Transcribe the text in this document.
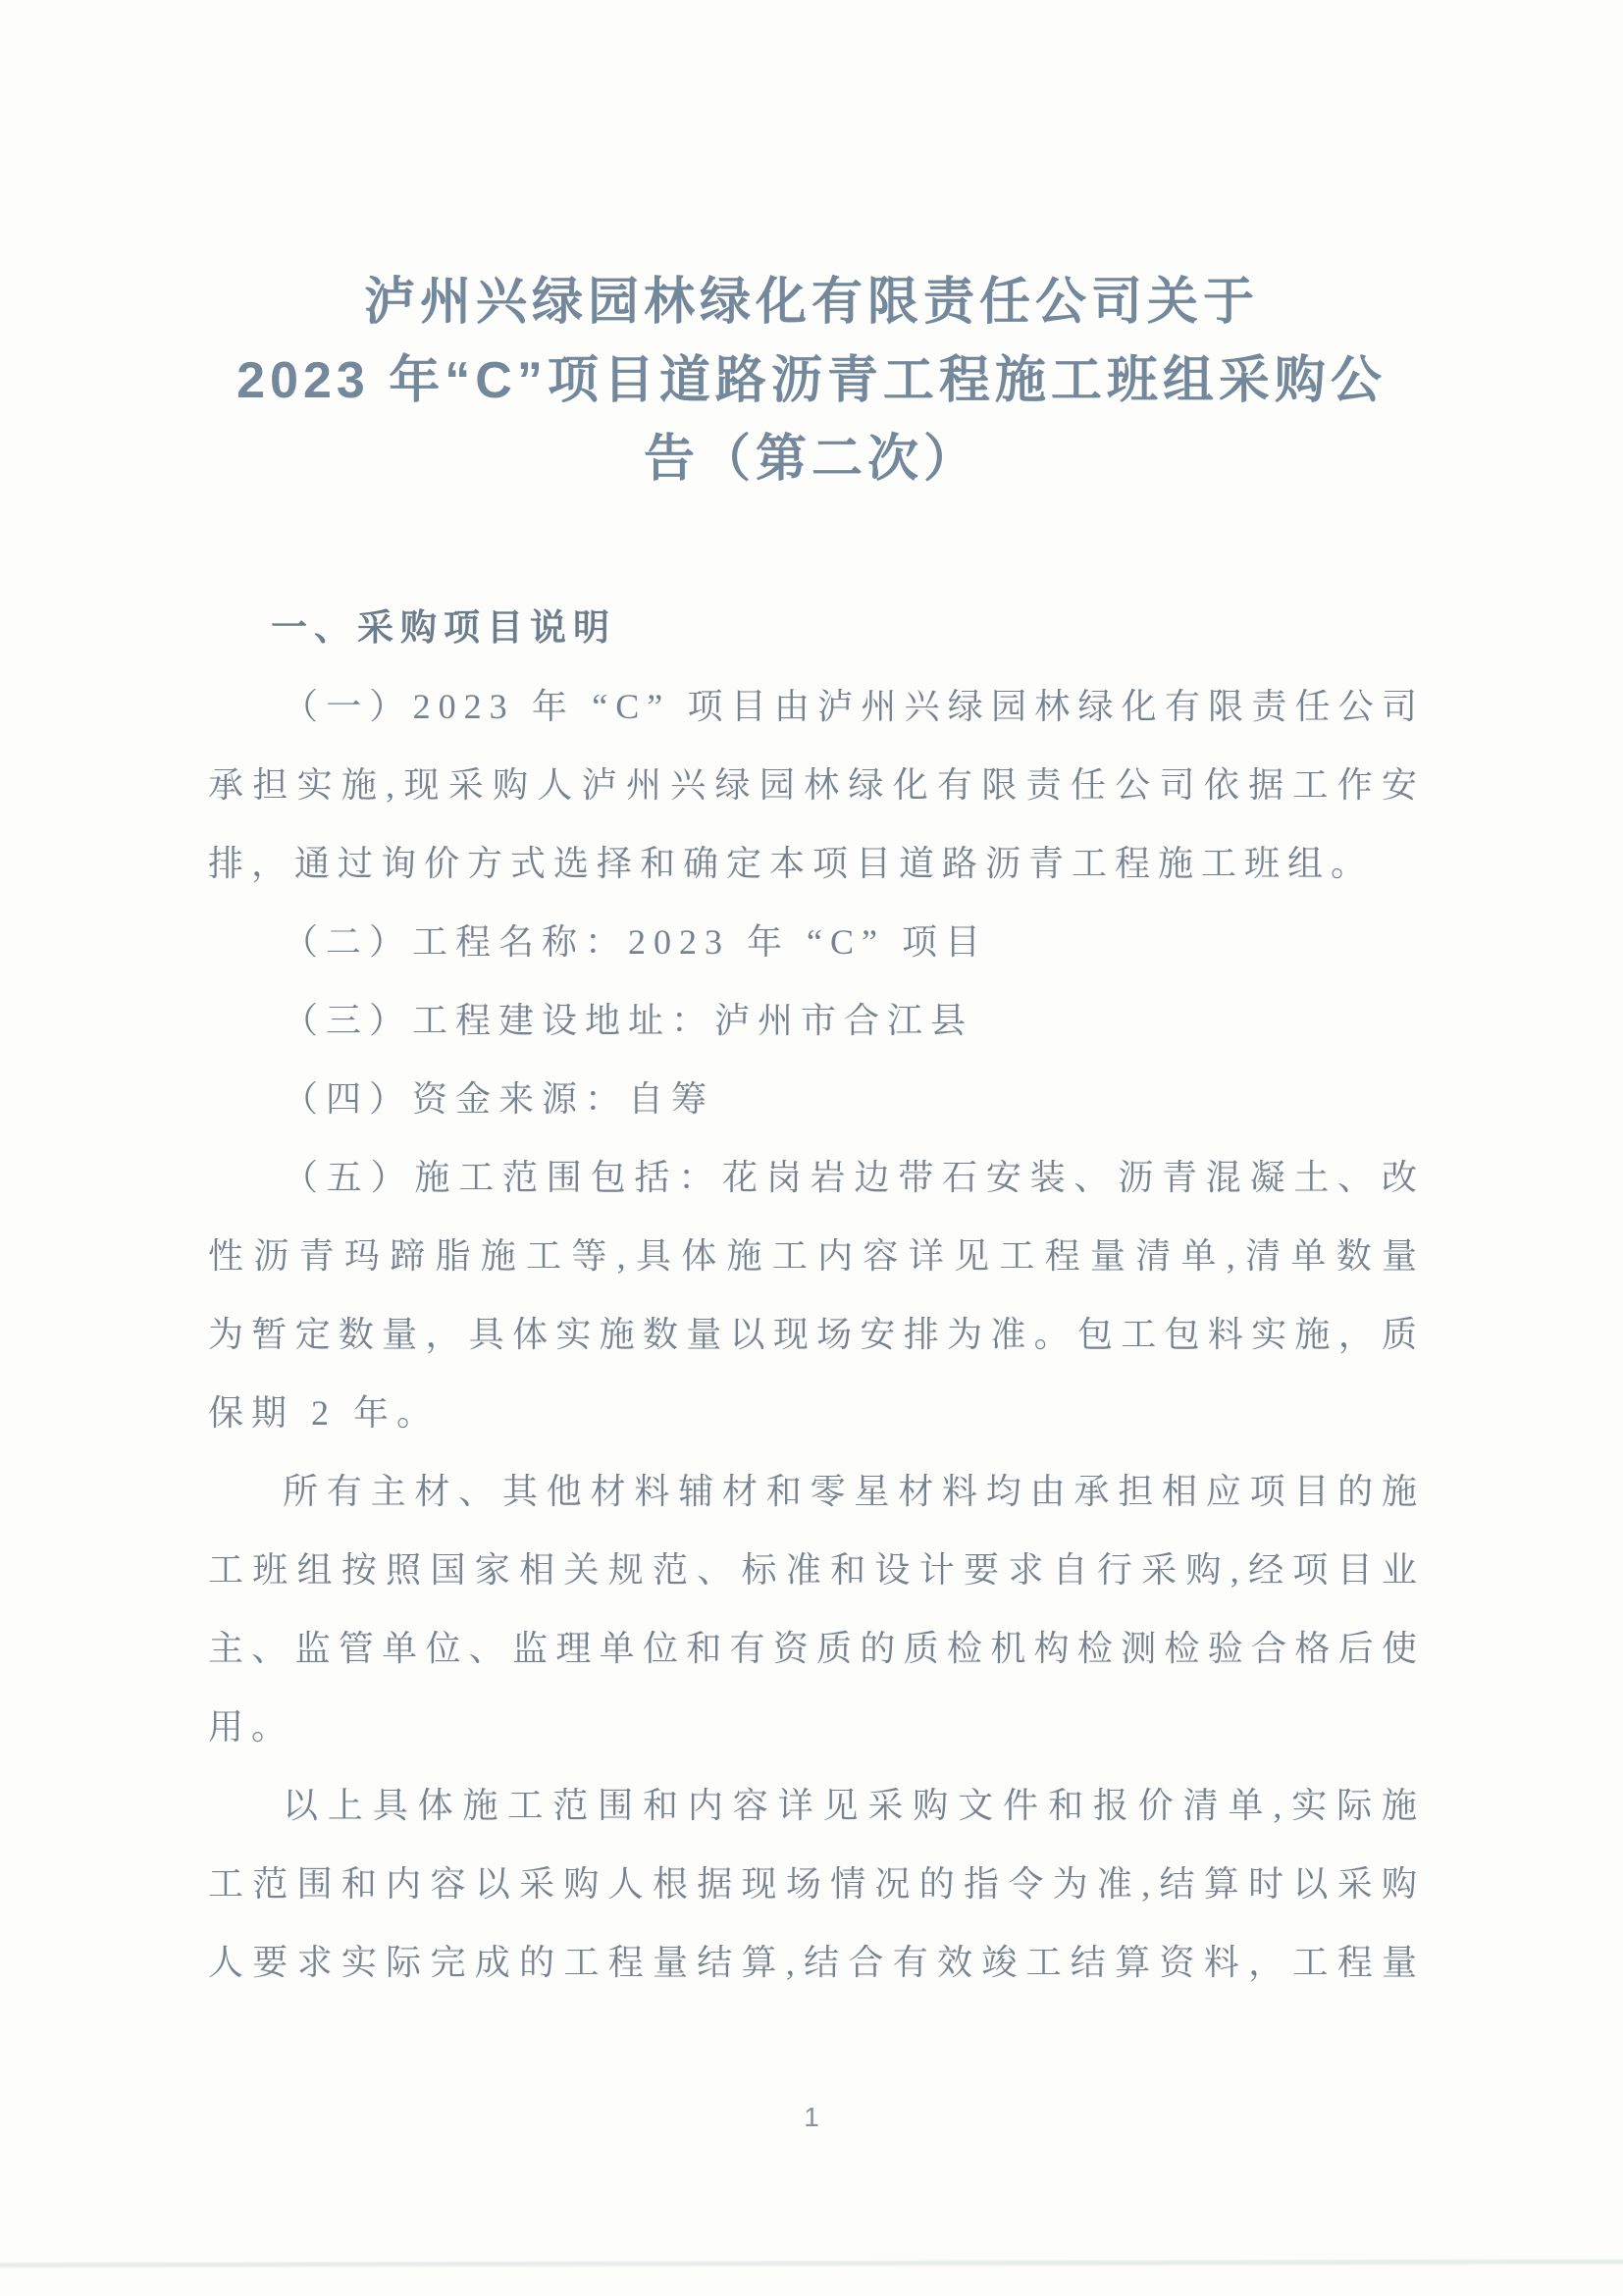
泸州兴绿园林绿化有限责任公司关于
2023 年“C”项目道路沥青工程施工班组采购公
告（第二次）
一、采购项目说明
（一）2023 年 “C” 项目由泸州兴绿园林绿化有限责任公司
承担实施,现采购人泸州兴绿园林绿化有限责任公司依据工作安
排，通过询价方式选择和确定本项目道路沥青工程施工班组。
（二）工程名称：2023 年 “C” 项目
（三）工程建设地址：泸州市合江县
（四）资金来源：自筹
（五）施工范围包括：花岗岩边带石安装、沥青混凝土、改
性沥青玛蹄脂施工等,具体施工内容详见工程量清单,清单数量
为暂定数量，具体实施数量以现场安排为准。包工包料实施，质
保期 2 年。
所有主材、其他材料辅材和零星材料均由承担相应项目的施
工班组按照国家相关规范、标准和设计要求自行采购,经项目业
主、监管单位、监理单位和有资质的质检机构检测检验合格后使
用。
以上具体施工范围和内容详见采购文件和报价清单,实际施
工范围和内容以采购人根据现场情况的指令为准,结算时以采购
人要求实际完成的工程量结算,结合有效竣工结算资料，工程量
1
